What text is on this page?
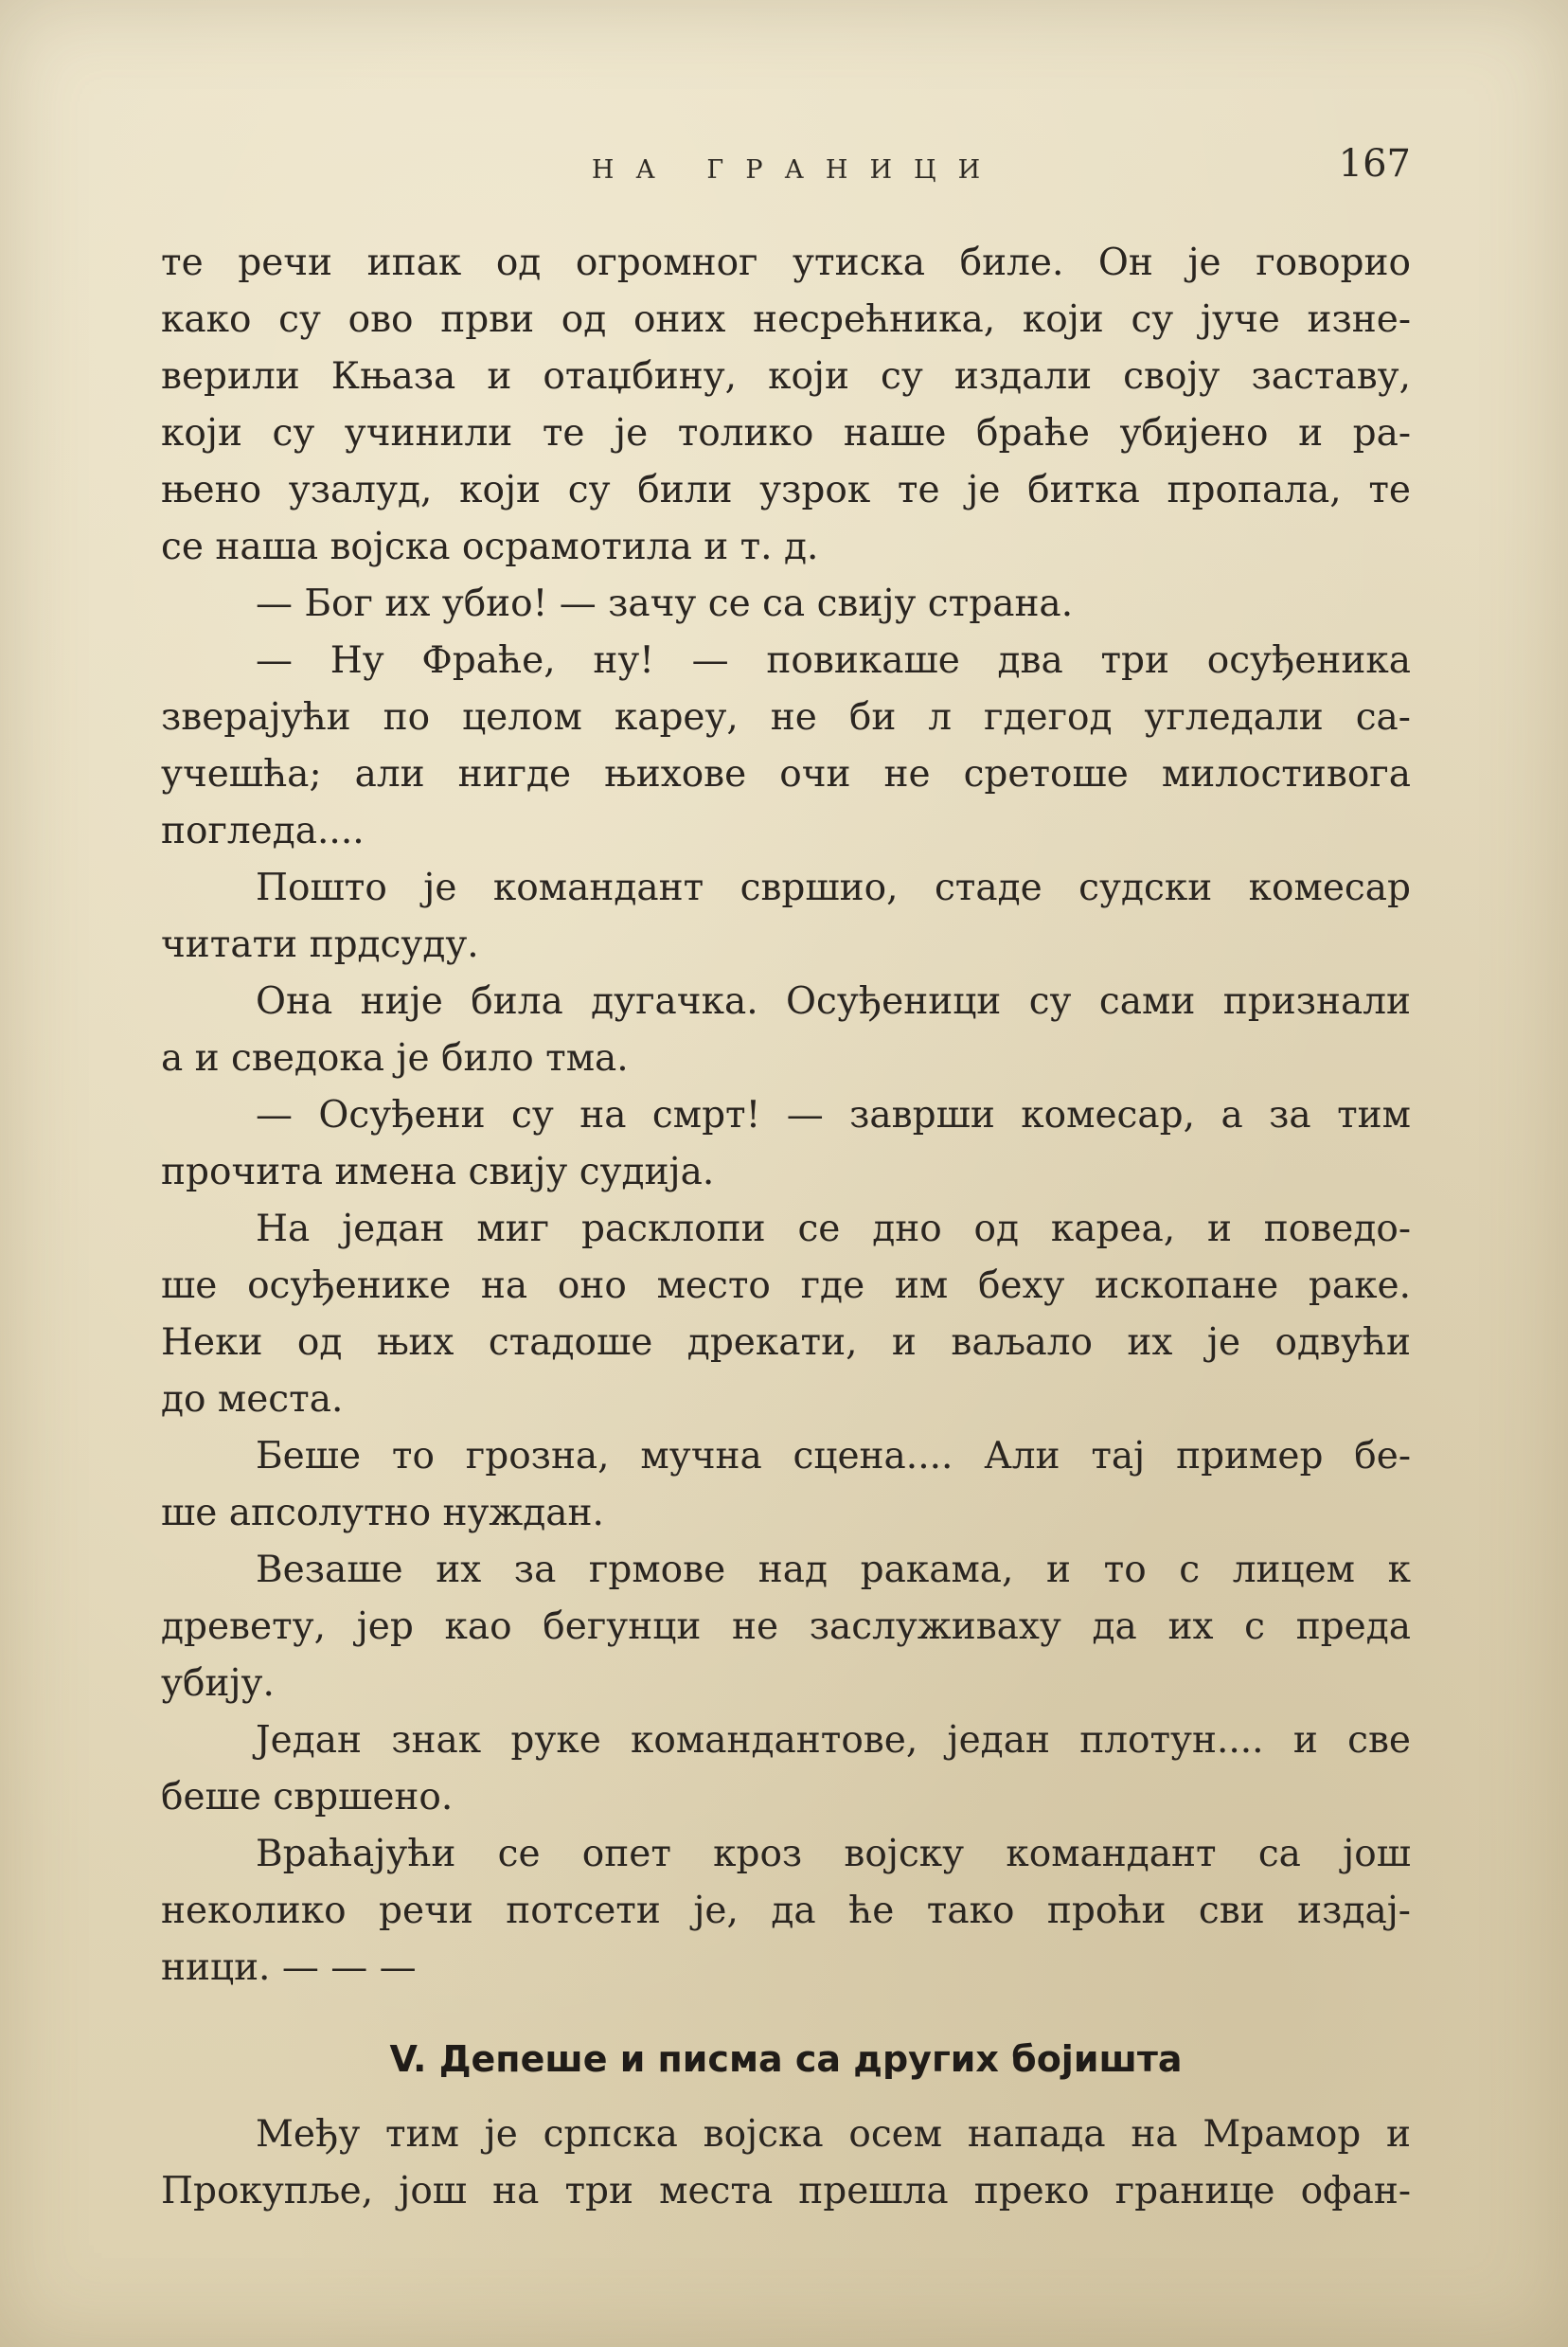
НА ГРАНИЦИ	167
те речи ипак од огромног утиска биле. Он је говорио
како су ово први од оних несрећника, који су јуче изне-
верили Књаза и отаџбину, који су издали своју заставу,
који су учинили те је толико наше браће убијено и ра-
њено узалуд, који су били узрок те је битка пропала, те
се наша војска осрамотила и т. д.
— Бог их убио! — зачу се са свију страна.
— Ну Фраће, ну! — повикаше два три осуђеника
зверајући по целом кареу, не би л гдегод угледали са-
учешћа; али нигде њихове очи не сретоше милостивога
погледа....
Пошто је командант свршио, стаде судски комесар
читати прдсуду.
Она није била дугачка. Осуђеници су сами признали
а и сведока је било тма.
— Осуђени су на смрт! — заврши комесар, а за тим
прочита имена свију судија.
На један миг расклопи се дно од кареа, и поведо-
ше осуђенике на оно место где им беху ископане раке.
Неки од њих стадоше дрекати, и ваљало их је одвући
до места.
Беше то грозна, мучна сцена.... Али тај пример бе-
ше апсолутно нуждан.
Везаше их за грмове над ракама, и то с лицем к
древету, јер као бегунци не заслуживаху да их с преда
убију.
Један знак руке командантове, један плотун.... и све
беше свршено.
Враћајући се опет кроз војску командант са још
неколико речи потсети је, да ће тако проћи сви издај-
ници. — — —
V. Депеше и писма са других бојишта
Међу тим је српска војска осем напада на Мрамор и
Прокупље, још на три места прешла преко границе офан-
